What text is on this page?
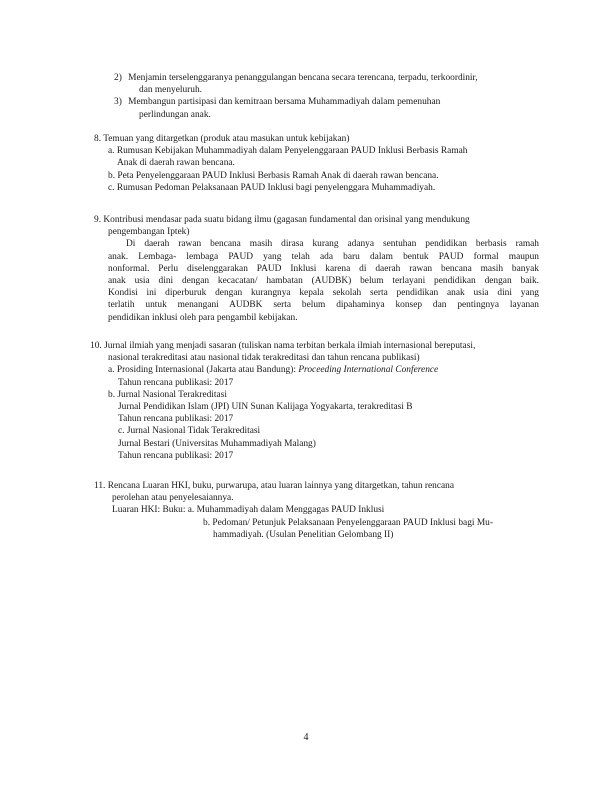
2) Menjamin terselenggaranya penanggulangan bencana secara terencana, terpadu, terkoordinir,
dan menyeluruh.
3) Membangun partisipasi dan kemitraan bersama Muhammadiyah dalam pemenuhan
perlindungan anak.
8. Temuan yang ditargetkan (produk atau masukan untuk kebijakan)
a. Rumusan Kebijakan Muhammadiyah dalam Penyelenggaraan PAUD Inklusi Berbasis Ramah
Anak di daerah rawan bencana.
b. Peta Penyelenggaraan PAUD Inklusi Berbasis Ramah Anak di daerah rawan bencana.
c. Rumusan Pedoman Pelaksanaan PAUD Inklusi bagi penyelenggara Muhammadiyah.
9. Kontribusi mendasar pada suatu bidang ilmu (gagasan fundamental dan orisinal yang mendukung
pengembangan Iptek)
Di daerah rawan bencana masih dirasa kurang adanya sentuhan pendidikan berbasis ramah
anak. Lembaga- lembaga PAUD yang telah ada baru dalam bentuk PAUD formal maupun
nonformal. Perlu diselenggarakan PAUD Inklusi karena di daerah rawan bencana masih banyak
anak usia dini dengan kecacatan/ hambatan (AUDBK) belum terlayani pendidikan dengan baik.
Kondisi ini diperburuk dengan kurangnya kepala sekolah serta pendidikan anak usia dini yang
terlatih untuk menangani AUDBK serta belum dipahaminya konsep dan pentingnya layanan
pendidikan inklusi oleh para pengambil kebijakan.
10. Jurnal ilmiah yang menjadi sasaran (tuliskan nama terbitan berkala ilmiah internasional bereputasi,
nasional terakreditasi atau nasional tidak terakreditasi dan tahun rencana publikasi)
a. Prosiding Internasional (Jakarta atau Bandung): Proceeding International Conference
Tahun rencana publikasi: 2017
b. Jurnal Nasional Terakreditasi
Jurnal Pendidikan Islam (JPI) UIN Sunan Kalijaga Yogyakarta, terakreditasi B
Tahun rencana publikasi: 2017
c. Jurnal Nasional Tidak Terakreditasi
Jurnal Bestari (Universitas Muhammadiyah Malang)
Tahun rencana publikasi: 2017
11. Rencana Luaran HKI, buku, purwarupa, atau luaran lainnya yang ditargetkan, tahun rencana
perolehan atau penyelesaiannya.
Luaran HKI: Buku: a. Muhammadiyah dalam Menggagas PAUD Inklusi
b. Pedoman/ Petunjuk Pelaksanaan Penyelenggaraan PAUD Inklusi bagi Mu-
hammadiyah. (Usulan Penelitian Gelombang II)
4
